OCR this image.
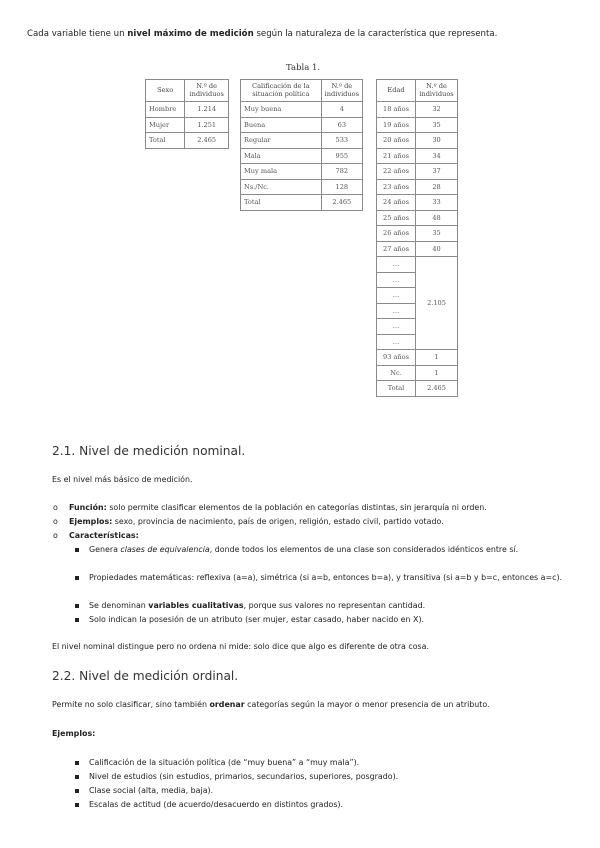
Cada variable tiene un nivel máximo de medición según la naturaleza de la característica que representa.
Tabla 1.
Sexo	N.º de individuos
Hombre	1.214
Mujer	1.251
Total	2.465
Calificación de la situación política	N.º de individuos
Muy buena	4
Buena	63
Regular	533
Mala	955
Muy mala	782
Ns./Nc.	128
Total	2.465
Edad	N.º de individuos
18 años	32
19 años	35
20 años	30
21 años	34
22 años	37
23 años	28
24 años	33
25 años	48
26 años	35
27 años	40
…	2.105
…	
…	
…	
…	
…	
93 años	1
Nc.	1
Total	2.465
2.1. Nivel de medición nominal.
Es el nivel más básico de medición.
o Función: solo permite clasificar elementos de la población en categorías distintas, sin jerarquía ni orden.
o Ejemplos: sexo, provincia de nacimiento, país de origen, religión, estado civil, partido votado.
o Características:
Genera clases de equivalencia, donde todos los elementos de una clase son considerados idénticos entre sí.
Propiedades matemáticas: reflexiva (a=a), simétrica (si a=b, entonces b=a), y transitiva (si a=b y b=c, entonces a=c).
Se denominan variables cualitativas, porque sus valores no representan cantidad.
Solo indican la posesión de un atributo (ser mujer, estar casado, haber nacido en X).
El nivel nominal distingue pero no ordena ni mide: solo dice que algo es diferente de otra cosa.
2.2. Nivel de medición ordinal.
Permite no solo clasificar, sino también ordenar categorías según la mayor o menor presencia de un atributo.
Ejemplos:
Calificación de la situación política (de “muy buena” a “muy mala”).
Nivel de estudios (sin estudios, primarios, secundarios, superiores, posgrado).
Clase social (alta, media, baja).
Escalas de actitud (de acuerdo/desacuerdo en distintos grados).
